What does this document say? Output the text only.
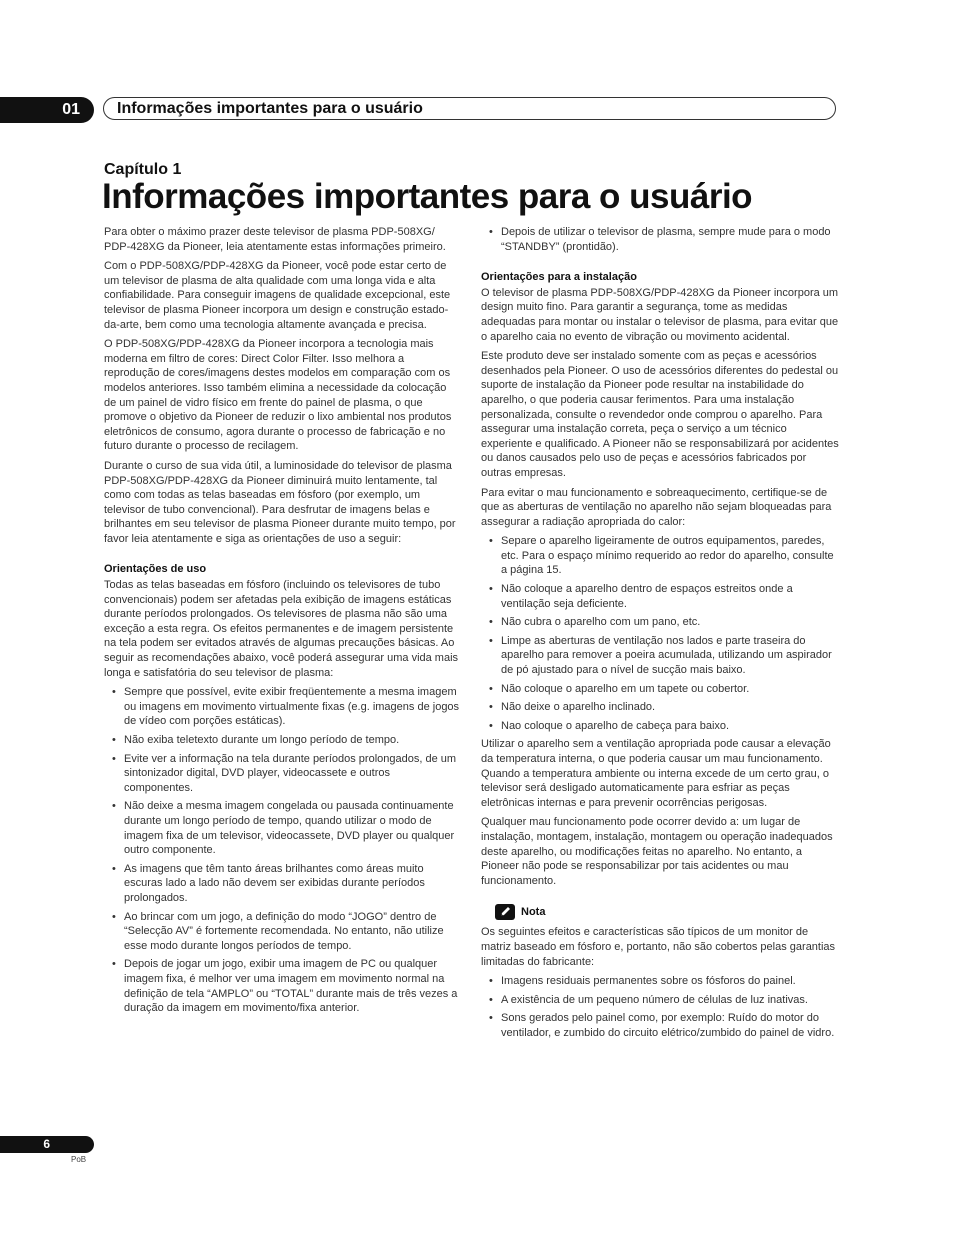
01	Informações importantes para o usuário
Capítulo 1
Informações importantes para o usuário

Para obter o máximo prazer deste televisor de plasma PDP-508XG/ PDP-428XG da Pioneer, leia atentamente estas informações primeiro.

Com o PDP-508XG/PDP-428XG da Pioneer, você pode estar certo de um televisor de plasma de alta qualidade com uma longa vida e alta confiabilidade. Para conseguir imagens de qualidade excepcional, este televisor de plasma Pioneer incorpora um design e construção estado-da-arte, bem como uma tecnologia altamente avançada e precisa.

O PDP-508XG/PDP-428XG da Pioneer incorpora a tecnologia mais moderna em filtro de cores: Direct Color Filter. Isso melhora a reprodução de cores/imagens destes modelos em comparação com os modelos anteriores. Isso também elimina a necessidade da colocação de um painel de vidro físico em frente do painel de plasma, o que promove o objetivo da Pioneer de reduzir o lixo ambiental nos produtos eletrônicos de consumo, agora durante o processo de fabricação e no futuro durante o processo de recilagem.

Durante o curso de sua vida útil, a luminosidade do televisor de plasma PDP-508XG/PDP-428XG da Pioneer diminuirá muito lentamente, tal como com todas as telas baseadas em fósforo (por exemplo, um televisor de tubo convencional). Para desfrutar de imagens belas e brilhantes em seu televisor de plasma Pioneer durante muito tempo, por favor leia atentamente e siga as orientações de uso a seguir:

Orientações de uso

Todas as telas baseadas em fósforo (incluindo os televisores de tubo convencionais) podem ser afetadas pela exibição de imagens estáticas durante períodos prolongados. Os televisores de plasma não são uma exceção a esta regra. Os efeitos permanentes e de imagem persistente na tela podem ser evitados através de algumas precauções básicas. Ao seguir as recomendações abaixo, você poderá assegurar uma vida mais longa e satisfatória do seu televisor de plasma:

• Sempre que possível, evite exibir freqüentemente a mesma imagem ou imagens em movimento virtualmente fixas (e.g. imagens de jogos de vídeo com porções estáticas).
• Não exiba teletexto durante um longo período de tempo.
• Evite ver a informação na tela durante períodos prolongados, de um sintonizador digital, DVD player, videocassete e outros componentes.
• Não deixe a mesma imagem congelada ou pausada continuamente durante um longo período de tempo, quando utilizar o modo de imagem fixa de um televisor, videocassete, DVD player ou qualquer outro componente.
• As imagens que têm tanto áreas brilhantes como áreas muito escuras lado a lado não devem ser exibidas durante períodos prolongados.
• Ao brincar com um jogo, a definição do modo “JOGO” dentro de “Selecção AV” é fortemente recomendada. No entanto, não utilize esse modo durante longos períodos de tempo.
• Depois de jogar um jogo, exibir uma imagem de PC ou qualquer imagem fixa, é melhor ver uma imagem em movimento normal na definição de tela “AMPLO” ou “TOTAL” durante mais de três vezes a duração da imagem em movimento/fixa anterior.
• Depois de utilizar o televisor de plasma, sempre mude para o modo “STANDBY” (prontidão).
Orientações para a instalação

O televisor de plasma PDP-508XG/PDP-428XG da Pioneer incorpora um design muito fino. Para garantir a segurança, tome as medidas adequadas para montar ou instalar o televisor de plasma, para evitar que o aparelho caia no evento de vibração ou movimento acidental.

Este produto deve ser instalado somente com as peças e acessórios desenhados pela Pioneer. O uso de acessórios diferentes do pedestal ou suporte de instalação da Pioneer pode resultar na instabilidade do aparelho, o que poderia causar ferimentos. Para uma instalação personalizada, consulte o revendedor onde comprou o aparelho. Para assegurar uma instalação correta, peça o serviço a um técnico experiente e qualificado. A Pioneer não se responsabilizará por acidentes ou danos causados pelo uso de peças e acessórios fabricados por outras empresas.

Para evitar o mau funcionamento e sobreaquecimento, certifique-se de que as aberturas de ventilação no aparelho não sejam bloqueadas para assegurar a radiação apropriada do calor:

• Separe o aparelho ligeiramente de outros equipamentos, paredes, etc. Para o espaço mínimo requerido ao redor do aparelho, consulte a página 15.
• Não coloque a aparelho dentro de espaços estreitos onde a ventilação seja deficiente.
• Não cubra o aparelho com um pano, etc.
• Limpe as aberturas de ventilação nos lados e parte traseira do aparelho para remover a poeira acumulada, utilizando um aspirador de pó ajustado para o nível de sucção mais baixo.
• Não coloque o aparelho em um tapete ou cobertor.
• Não deixe o aparelho inclinado.
• Nao coloque o aparelho de cabeça para baixo.

Utilizar o aparelho sem a ventilação apropriada pode causar a elevação da temperatura interna, o que poderia causar um mau funcionamento. Quando a temperatura ambiente ou interna excede de um certo grau, o televisor será desligado automaticamente para esfriar as peças eletrônicas internas e para prevenir ocorrências perigosas.

Qualquer mau funcionamento pode ocorrer devido a: um lugar de instalação, montagem, instalação, montagem ou operação inadequados deste aparelho, ou modificações feitas no aparelho. No entanto, a Pioneer não pode se responsabilizar por tais acidentes ou mau funcionamento.

Nota

Os seguintes efeitos e características são típicos de um monitor de matriz baseado em fósforo e, portanto, não são cobertos pelas garantias limitadas do fabricante:

• Imagens residuais permanentes sobre os fósforos do painel.
• A existência de um pequeno número de células de luz inativas.
• Sons gerados pelo painel como, por exemplo: Ruído do motor do ventilador, e zumbido do circuito elétrico/zumbido do painel de vidro.
6
PoB
